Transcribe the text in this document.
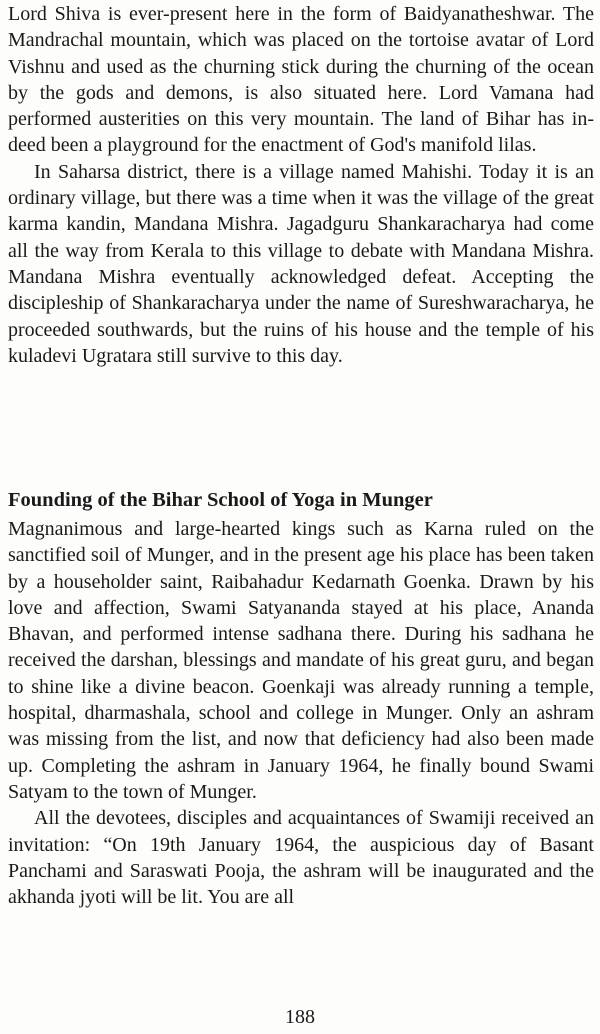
Lord Shiva is ever-present here in the form of Baidyanatheshwar. The Mandrachal mountain, which was placed on the tortoise avatar of Lord Vishnu and used as the churning stick during the churning of the ocean by the gods and demons, is also situated here. Lord Vamana had performed austerities on this very mountain. The land of Bihar has indeed been a playground for the enactment of God's manifold lilas.

In Saharsa district, there is a village named Mahishi. Today it is an ordinary village, but there was a time when it was the village of the great karma kandin, Mandana Mishra. Jagadguru Shankaracharya had come all the way from Kerala to this village to debate with Mandana Mishra. Mandana Mishra eventually acknowledged defeat. Accepting the discipleship of Shankaracharya under the name of Sureshwaracharya, he proceeded southwards, but the ruins of his house and the temple of his kuladevi Ugratara still survive to this day.

Founding of the Bihar School of Yoga in Munger

Magnanimous and large-hearted kings such as Karna ruled on the sanctified soil of Munger, and in the present age his place has been taken by a householder saint, Raibahadur Kedarnath Goenka. Drawn by his love and affection, Swami Satyananda stayed at his place, Ananda Bhavan, and performed intense sadhana there. During his sadhana he received the darshan, blessings and mandate of his great guru, and began to shine like a divine beacon. Goenkaji was already running a temple, hospital, dharmashala, school and college in Munger. Only an ashram was missing from the list, and now that deficiency had also been made up. Completing the ashram in January 1964, he finally bound Swami Satyam to the town of Munger.

All the devotees, disciples and acquaintances of Swamiji received an invitation: “On 19th January 1964, the auspicious day of Basant Panchami and Saraswati Pooja, the ashram will be inaugurated and the akhanda jyoti will be lit. You are all

188
